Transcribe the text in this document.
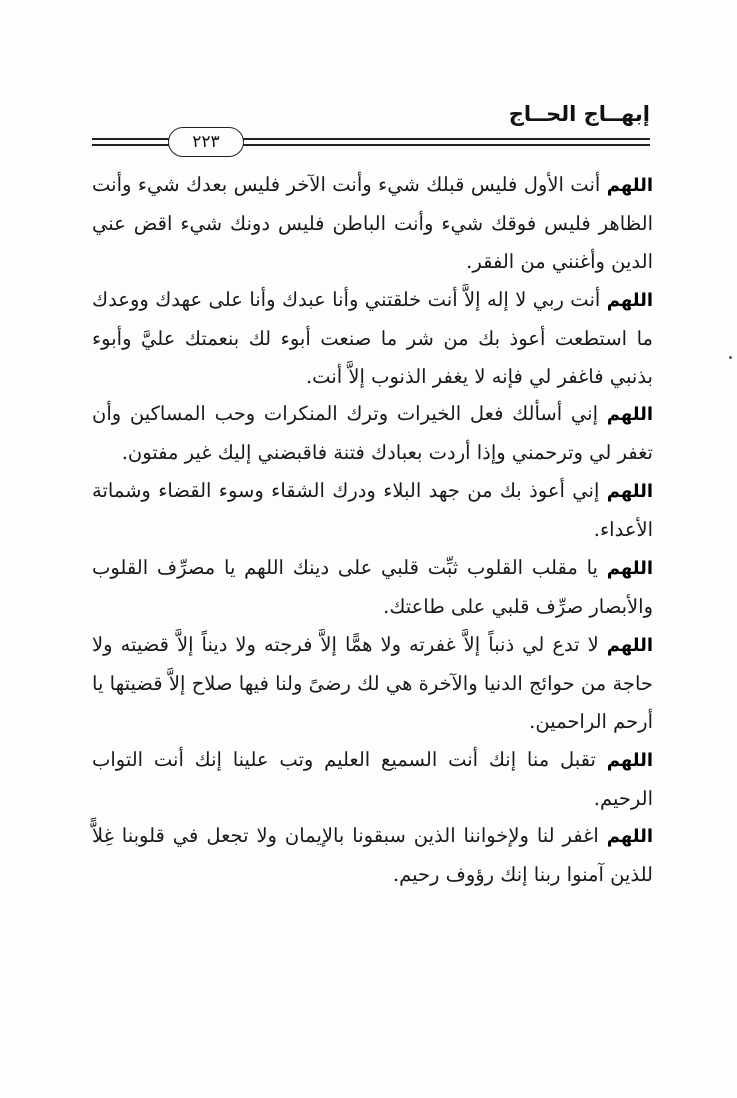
إبهــاج الحــاج
٢٢٣

اللهم أنت الأول فليس قبلك شيء وأنت الآخر فليس بعدك شيء وأنت الظاهر فليس فوقك شيء وأنت الباطن فليس دونك شيء اقض عني الدين وأغنني من الفقر.

اللهم أنت ربي لا إله إلاَّ أنت خلقتني وأنا عبدك وأنا على عهدك ووعدك ما استطعت أعوذ بك من شر ما صنعت أبوء لك بنعمتك عليَّ وأبوء بذنبي فاغفر لي فإنه لا يغفر الذنوب إلاَّ أنت.

اللهم إني أسألك فعل الخيرات وترك المنكرات وحب المساكين وأن تغفر لي وترحمني وإذا أردت بعبادك فتنة فاقبضني إليك غير مفتون.

اللهم إني أعوذ بك من جهد البلاء ودرك الشقاء وسوء القضاء وشماتة الأعداء.

اللهم يا مقلب القلوب ثبِّت قلبي على دينك اللهم يا مصرِّف القلوب والأبصار صرِّف قلبي على طاعتك.

اللهم لا تدع لي ذنباً إلاَّ غفرته ولا همًّا إلاَّ فرجته ولا ديناً إلاَّ قضيته ولا حاجة من حوائج الدنيا والآخرة هي لك رضىً ولنا فيها صلاح إلاَّ قضيتها يا أرحم الراحمين.

اللهم تقبل منا إنك أنت السميع العليم وتب علينا إنك أنت التواب الرحيم.

اللهم اغفر لنا ولإخواننا الذين سبقونا بالإيمان ولا تجعل في قلوبنا غِلاًّ للذين آمنوا ربنا إنك رؤوف رحيم.
